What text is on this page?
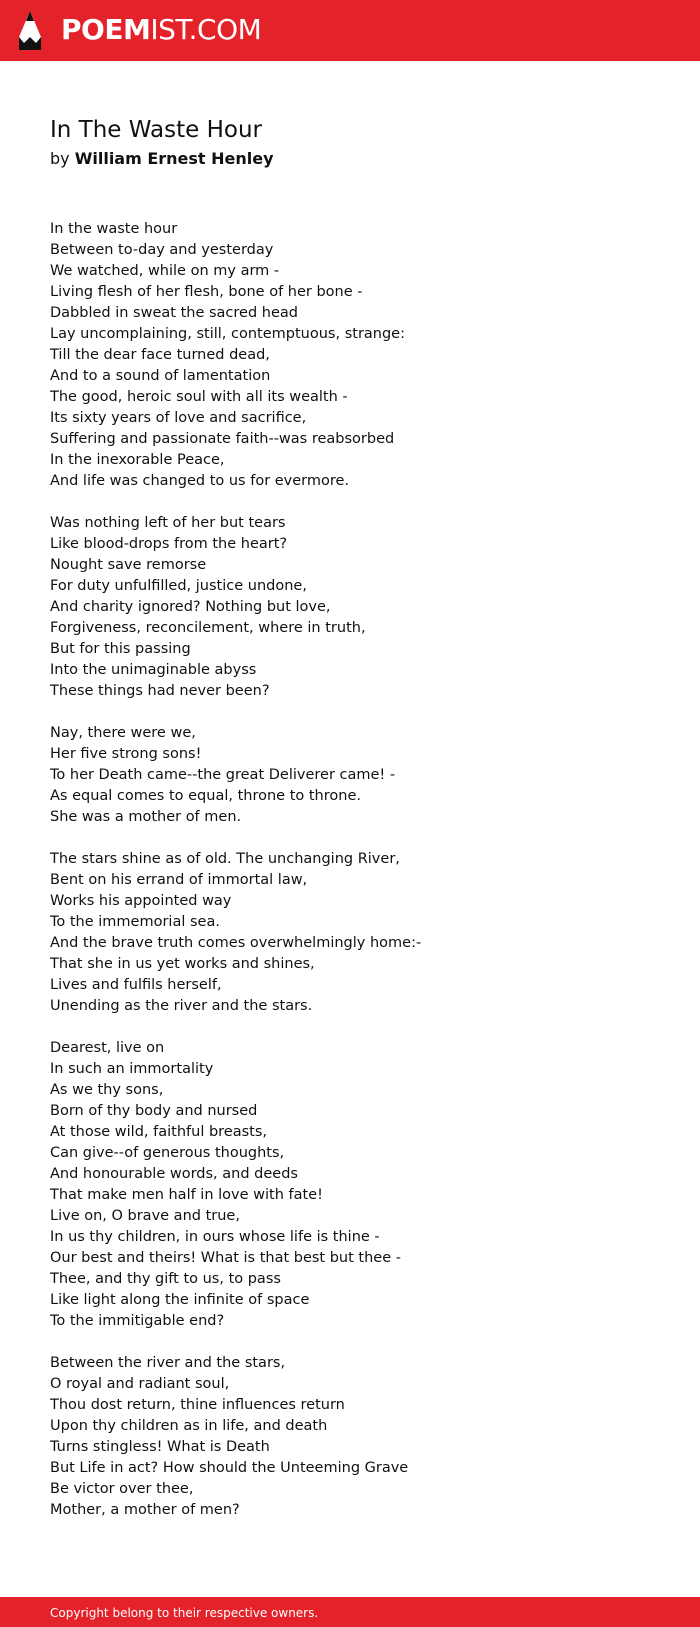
POEMIST.COM
In The Waste Hour
by William Ernest Henley
In the waste hour
Between to-day and yesterday
We watched, while on my arm -
Living flesh of her flesh, bone of her bone -
Dabbled in sweat the sacred head
Lay uncomplaining, still, contemptuous, strange:
Till the dear face turned dead,
And to a sound of lamentation
The good, heroic soul with all its wealth -
Its sixty years of love and sacrifice,
Suffering and passionate faith--was reabsorbed
In the inexorable Peace,
And life was changed to us for evermore.
Was nothing left of her but tears
Like blood-drops from the heart?
Nought save remorse
For duty unfulfilled, justice undone,
And charity ignored? Nothing but love,
Forgiveness, reconcilement, where in truth,
But for this passing
Into the unimaginable abyss
These things had never been?
Nay, there were we,
Her five strong sons!
To her Death came--the great Deliverer came! -
As equal comes to equal, throne to throne.
She was a mother of men.
The stars shine as of old. The unchanging River,
Bent on his errand of immortal law,
Works his appointed way
To the immemorial sea.
And the brave truth comes overwhelmingly home:-
That she in us yet works and shines,
Lives and fulfils herself,
Unending as the river and the stars.
Dearest, live on
In such an immortality
As we thy sons,
Born of thy body and nursed
At those wild, faithful breasts,
Can give--of generous thoughts,
And honourable words, and deeds
That make men half in love with fate!
Live on, O brave and true,
In us thy children, in ours whose life is thine -
Our best and theirs! What is that best but thee -
Thee, and thy gift to us, to pass
Like light along the infinite of space
To the immitigable end?
Between the river and the stars,
O royal and radiant soul,
Thou dost return, thine influences return
Upon thy children as in life, and death
Turns stingless! What is Death
But Life in act? How should the Unteeming Grave
Be victor over thee,
Mother, a mother of men?
Copyright belong to their respective owners.
